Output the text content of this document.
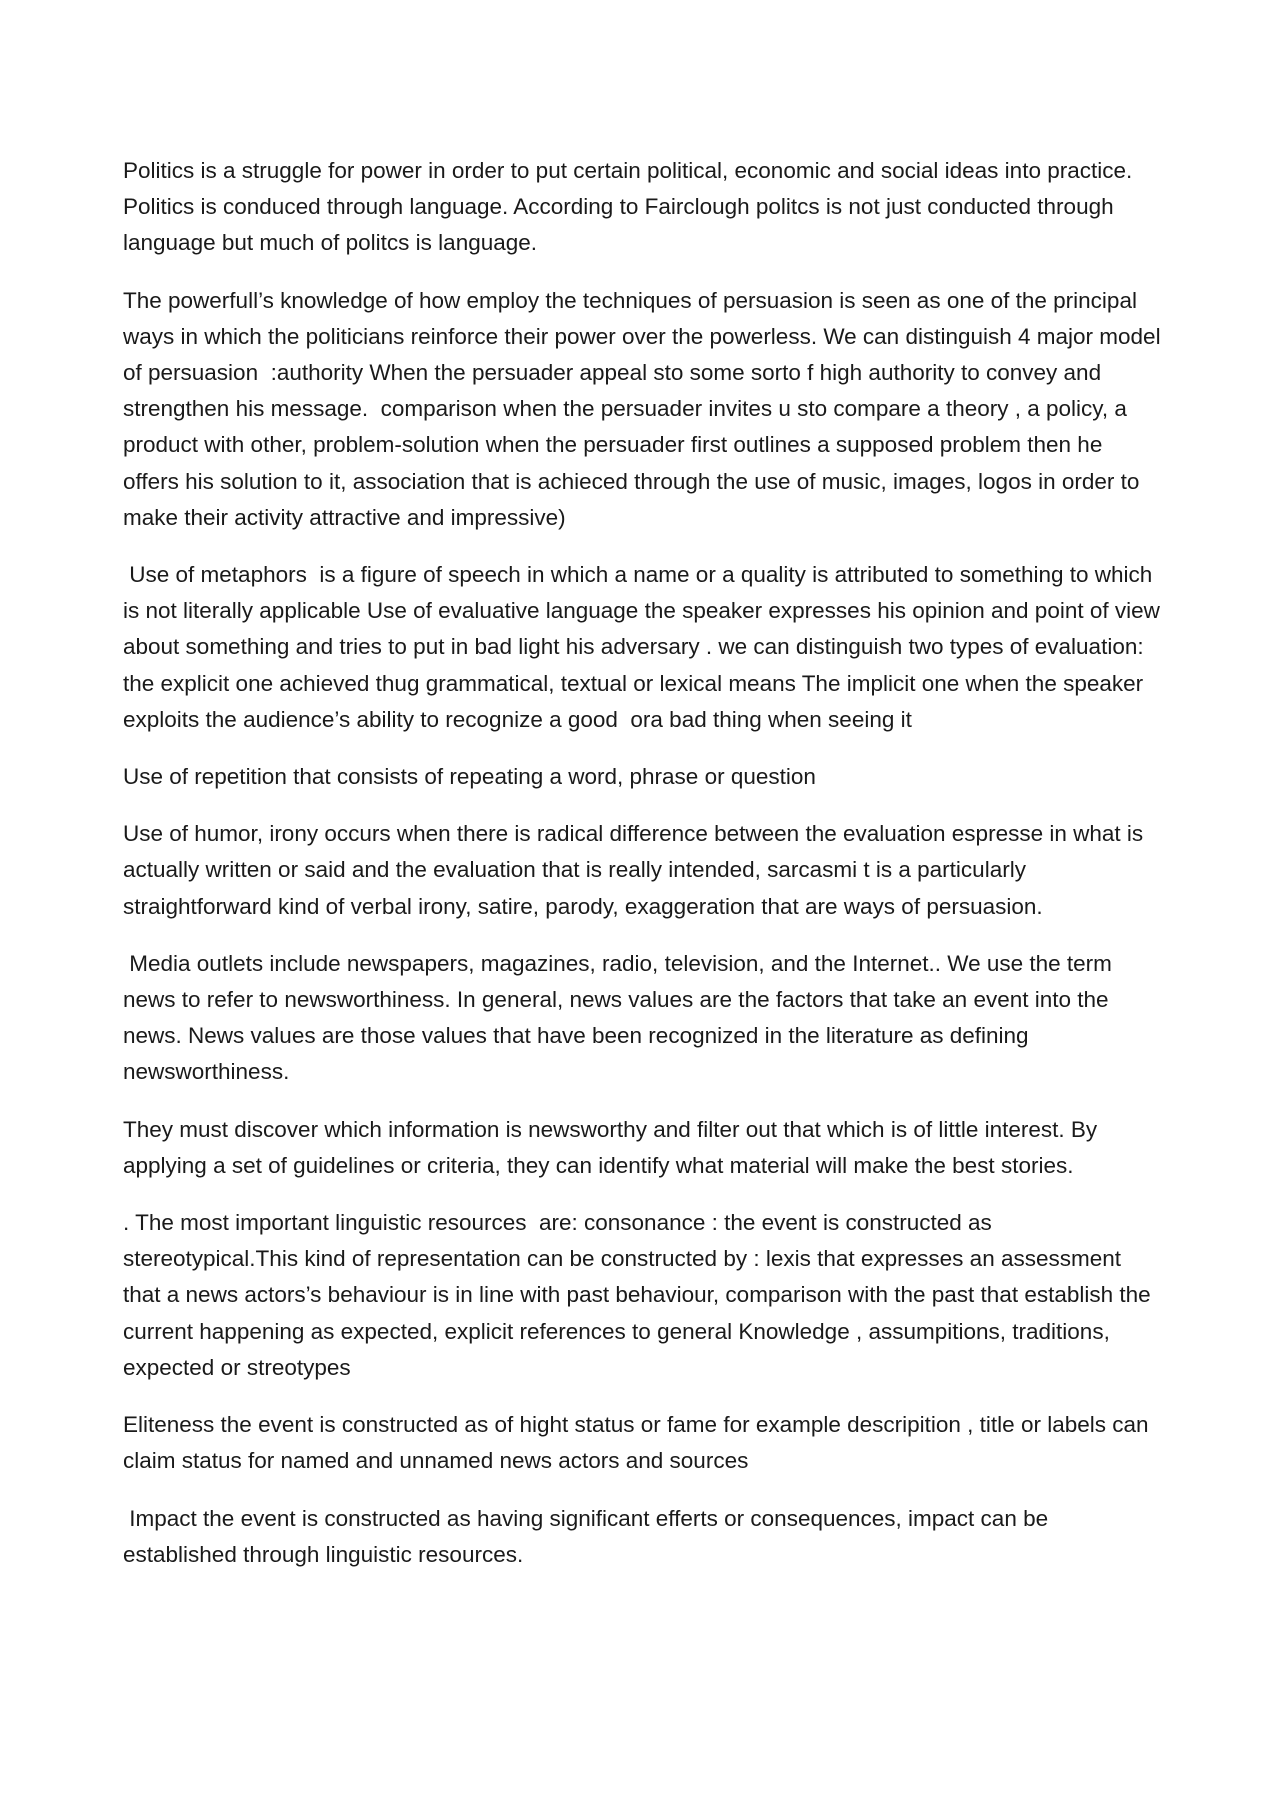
Politics is a struggle for power in order to put certain political, economic and social ideas into practice. Politics is conduced through language. According to Fairclough politcs is not just conducted through language but much of politcs is language.

The powerfull’s knowledge of how employ the techniques of persuasion is seen as one of the principal ways in which the politicians reinforce their power over the powerless. We can distinguish 4 major model of persuasion  :authority When the persuader appeal sto some sorto f high authority to convey and strengthen his message.  comparison when the persuader invites u sto compare a theory , a policy, a product with other, problem-solution when the persuader first outlines a supposed problem then he offers his solution to it, association that is achieced through the use of music, images, logos in order to make their activity attractive and impressive)

Use of metaphors  is a figure of speech in which a name or a quality is attributed to something to which is not literally applicable Use of evaluative language the speaker expresses his opinion and point of view about something and tries to put in bad light his adversary . we can distinguish two types of evaluation: the explicit one achieved thug grammatical, textual or lexical means The implicit one when the speaker exploits the audience’s ability to recognize a good  ora bad thing when seeing it

Use of repetition that consists of repeating a word, phrase or question

Use of humor, irony occurs when there is radical difference between the evaluation espresse in what is actually written or said and the evaluation that is really intended, sarcasmi t is a particularly straightforward kind of verbal irony, satire, parody, exaggeration that are ways of persuasion.

Media outlets include newspapers, magazines, radio, television, and the Internet.. We use the term news to refer to newsworthiness. In general, news values are the factors that take an event into the news. News values are those values that have been recognized in the literature as defining newsworthiness.

They must discover which information is newsworthy and filter out that which is of little interest. By applying a set of guidelines or criteria, they can identify what material will make the best stories.

. The most important linguistic resources  are: consonance : the event is constructed as stereotypical.This kind of representation can be constructed by : lexis that expresses an assessment that a news actors’s behaviour is in line with past behaviour, comparison with the past that establish the current happening as expected, explicit references to general Knowledge , assumpitions, traditions, expected or streotypes

Eliteness the event is constructed as of hight status or fame for example descripition , title or labels can claim status for named and unnamed news actors and sources

Impact the event is constructed as having significant efferts or consequences, impact can be established through linguistic resources.
